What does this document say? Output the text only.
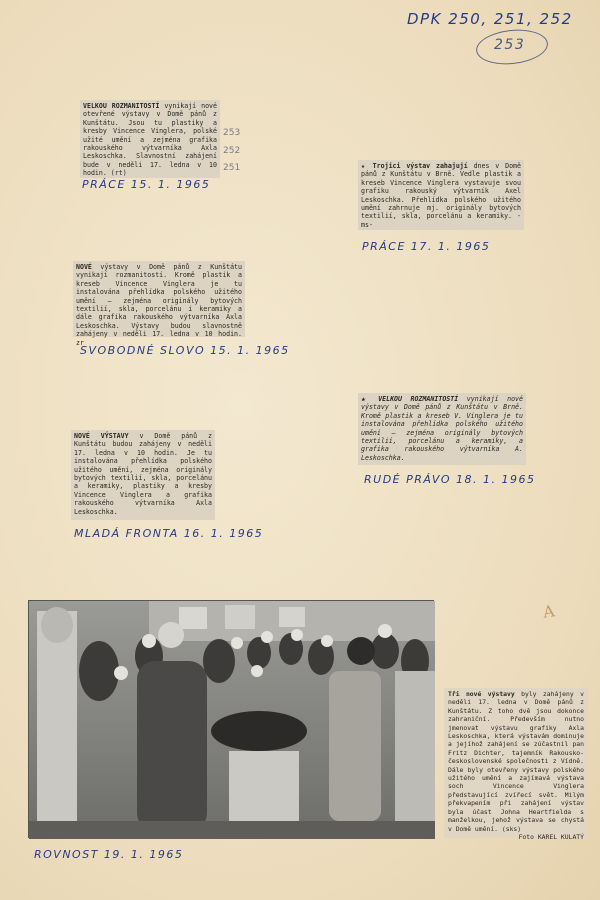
DPK 250, 251, 252
253
VELKOU ROZMANITOSTÍ vynikají nové otevřené výstavy v Domě pánů z Kunštátu. Jsou tu plastiky a kresby Vincence Vinglera, polské užité umění a zejména grafika rakouského výtvarníka Axla Leskoschka. Slavnostní zahájení bude v neděli 17. ledna v 10 hodin. (rt)
253
252
251
PRÁCE 15. 1. 1965
★ Trojici výstav zahajují dnes v Domě pánů z Kunštátu v Brně. Vedle plastik a kreseb Vincence Vinglera vystavuje svou grafiku rakouský výtvarník Axel Leskoschka. Přehlídka polského užitého umění zahrnuje mj. originály bytových textilií, skla, porcelánu a keramiky. -ms-
PRÁCE 17. 1. 1965
NOVÉ výstavy v Domě pánů z Kunštátu vynikají rozmanitostí. Kromě plastik a kreseb Vincence Vinglera je tu instalována přehlídka polského užitého umění — zejména originály bytových textilií, skla, porcelánu i keramiky a dále grafika rakouského výtvarníka Axla Leskoschka. Výstavy budou slavnostně zahájeny v neděli 17. ledna v 10 hodin. zr
SVOBODNÉ SLOVO 15. 1. 1965
★ VELKOU ROZMANITOSTÍ vynikají nové výstavy v Domě pánů z Kunštátu v Brně. Kromě plastik a kreseb V. Vinglera je tu instalována přehlídka polského užitého umění — zejména originály bytových textilií, porcelánu a keramiky, a grafika rakouského výtvarníka A. Leskoschka.
RUDÉ PRÁVO 18. 1. 1965
NOVÉ VÝSTAVY v Domě pánů z Kunštátu budou zahájeny v neděli 17. ledna v 10 hodin. Je tu instalována přehlídka polského užitého umění, zejména originály bytových textilií, skla, porcelánu a keramiky, plastiky a kresby Vincence Vinglera a grafika rakouského výtvarníka Axla Leskoschka.
MLADÁ FRONTA 16. 1. 1965
A
Tři nové výstavy byly zahájeny v neděli 17. ledna v Domě pánů z Kunštátu. Z toho dvě jsou dokonce zahraniční. Především nutno jmenovat výstavu grafiky Axla Leskoschka, která výstavám dominuje a jejíhož zahájení se zúčastnil pan Fritz Dichter, tajemník Rakousko-československé společnosti z Vídně. Dále byly otevřeny výstavy polského užitého umění a zajímavá výstava soch Vincence Vinglera představující zvířecí svět. Milým překvapením při zahájení výstav byla účast Johna Heartfielda s manželkou, jehož výstava se chystá v Domě umění. (sks)
Foto KAREL KULATÝ
ROVNOST 19. 1. 1965
